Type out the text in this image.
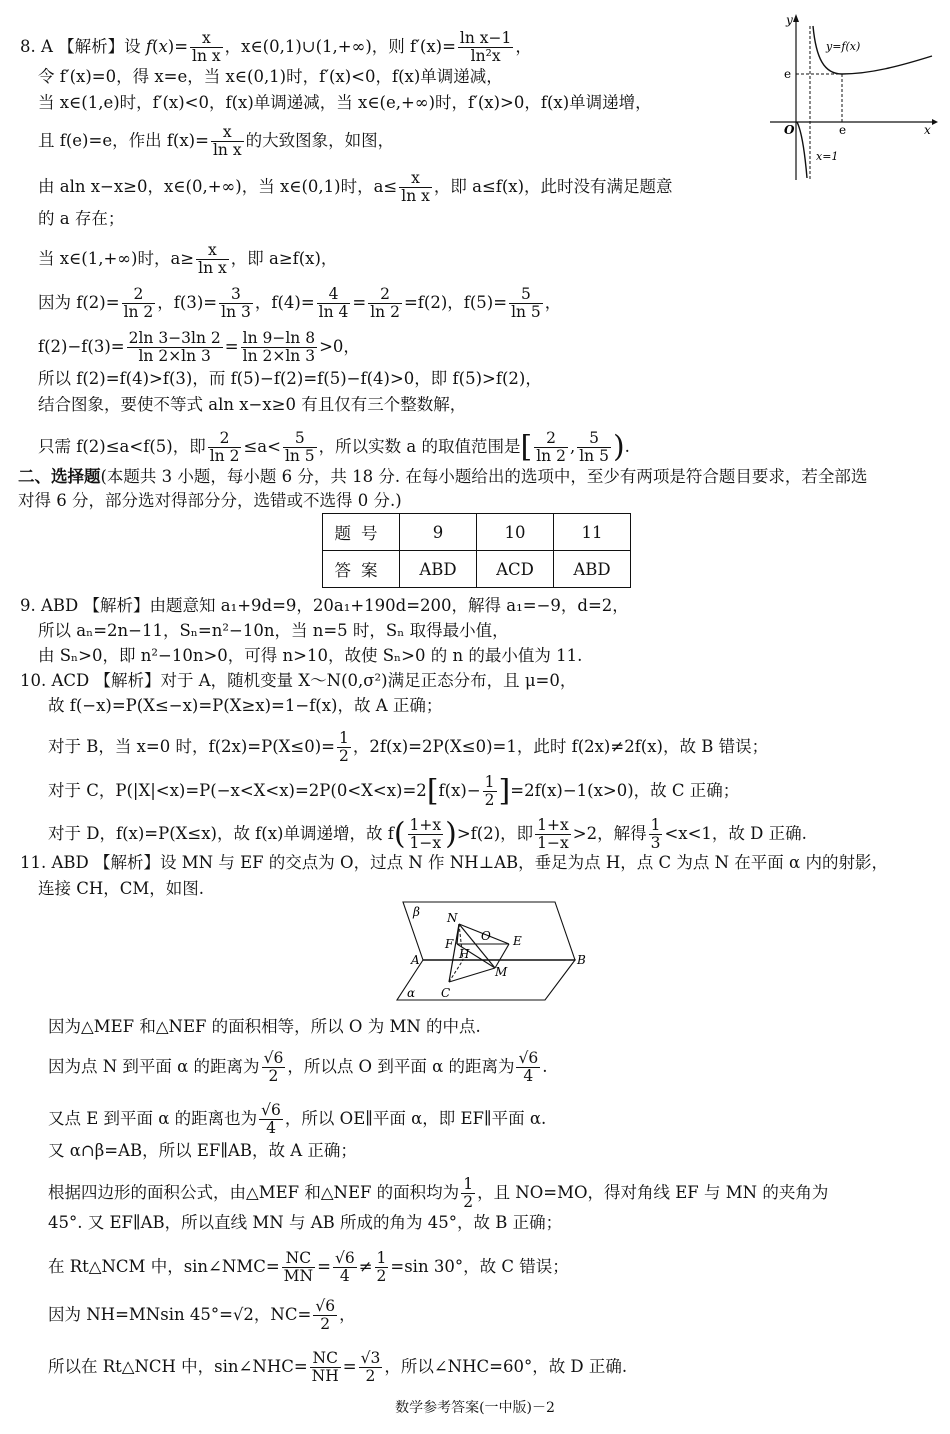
8. A 【解析】设 $f(x)= \frac{x}{\text{ln x}}$ ，x∈(0,1)∪(1,+∞)，则 $f'(x)= \frac{\text{ln x−1}}{\text{ln²x}}$ ，
令 f′(x)=0，得 x=e，当 x∈(0,1)时，f′(x)<0，f(x)单调递减，
当 x∈(1,e)时，f′(x)<0，f(x)单调递减，当 x∈(e,+∞)时，f′(x)>0，f(x)单调递增，
且 f(e)=e，作出 $f(x)= \frac{x}{\text{ln x}}$ 的大致图象，如图，
由 aln x−x≥0，x∈(0,+∞)，当 x∈(0,1)时，$a\le \frac{x}{\text{ln x}}$ ，即 a≤f(x)，此时没有满足题意
的 a 存在；
当 x∈(1,+∞)时，$a\ge \frac{x}{\text{ln x}}$ ，即 a≥f(x)，
因为 $f(2)= \frac{2}{\ln 2}$ ，$f(3)= \frac{3}{\ln 3}$ ，$f(4)= \frac{4}{\ln 4} = \frac{2}{\ln 2} =f(2)$，$f(5)= \frac{5}{\ln 5}$ ，
$f(2)-f(3)= \frac{2\ln 3-3\ln 2}{\ln 2\times\ln 3} = \frac{\ln 9-\ln 8}{\ln 2\times\ln 3} >0$，
所以 f(2)=f(4)>f(3)，而 f(5)−f(2)=f(5)−f(4)>0，即 f(5)>f(2)，
结合图象，要使不等式 aln x−x≥0 有且仅有三个整数解，
只需 f(2)≤a<f(5)，即 $\frac{2}{\ln 2} \le a< \frac{5}{\ln 5}$ ，所以实数 a 的取值范围是[ $\frac{2}{\ln 2}$ , $\frac{5}{\ln 5}$ ).
y
x
O
e
e
y=f(x)
x=1
二、选择题(本题共 3 小题，每小题 6 分，共 18 分. 在每小题给出的选项中，至少有两项是符合题目要求，若全部选
对得 6 分，部分选对得部分分，选错或不选得 0 分.)
题号	9	10	11
答案	ABD	ACD	ABD
9. ABD 【解析】由题意知 a₁+9d=9，20a₁+190d=200，解得 a₁=−9，d=2，
所以 aₙ=2n−11，Sₙ=n²−10n，当 n=5 时，Sₙ 取得最小值，
由 Sₙ>0，即 n²−10n>0，可得 n>10，故使 Sₙ>0 的 n 的最小值为 11.
10. ACD 【解析】对于 A，随机变量 X～N(0,σ²)满足正态分布，且 μ=0，
故 f(−x)=P(X≤−x)=P(X≥x)=1−f(x)，故 A 正确；
对于 B，当 x=0 时，$f(2x)=P(X\le 0)= \frac{1}{2}$ ，2f(x)=2P(X≤0)=1，此时 f(2x)≠2f(x)，故 B 错误；
对于 C，$P(|X|<x)=P(-x<X<x)=2P(0<X<x)=2[f(x)- \frac{1}{2} ]=2f(x)-1(x>0)$，故 C 正确；
对于 D，f(x)=P(X≤x)，故 f(x)单调递增，故 $f( \frac{1+x}{1-x} )>f(2)$，即 $\frac{1+x}{1-x} >2$，解得 $\frac{1}{3} <x<1$，故 D 正确.
11. ABD 【解析】设 MN 与 EF 的交点为 O，过点 N 作 NH⊥AB，垂足为点 H，点 C 为点 N 在平面 α 内的射影，
连接 CH，CM，如图.
β
α
A	B
N
O E
F
H
M
C
因为△MEF 和△NEF 的面积相等，所以 O 为 MN 的中点.
因为点 N 到平面 α 的距离为 $\frac{√6}{2}$ ，所以点 O 到平面 α 的距离为 $\frac{√6}{4}$ .
又点 E 到平面 α 的距离也为 $\frac{√6}{4}$ ，所以 OE∥平面 α，即 EF∥平面 α.
又 α∩β=AB，所以 EF∥AB，故 A 正确；
根据四边形的面积公式，由△MEF 和△NEF 的面积均为 $\frac{1}{2}$ ，且 NO=MO，得对角线 EF 与 MN 的夹角为
45°. 又 EF∥AB，所以直线 MN 与 AB 所成的角为 45°，故 B 正确；
在 Rt△NCM 中，sin∠NMC= $\frac{NC}{MN} = \frac{√6}{4} \ne \frac{1}{2} =\sin$ 30°，故 C 错误；
因为 NH=MNsin 45°=√2，$NC= \frac{√6}{2}$ ，
所以在 Rt△NCH 中，sin∠NHC= $\frac{NC}{NH} = \frac{√3}{2}$ ，所以∠NHC=60°，故 D 正确.
数学参考答案(一中版)－2
